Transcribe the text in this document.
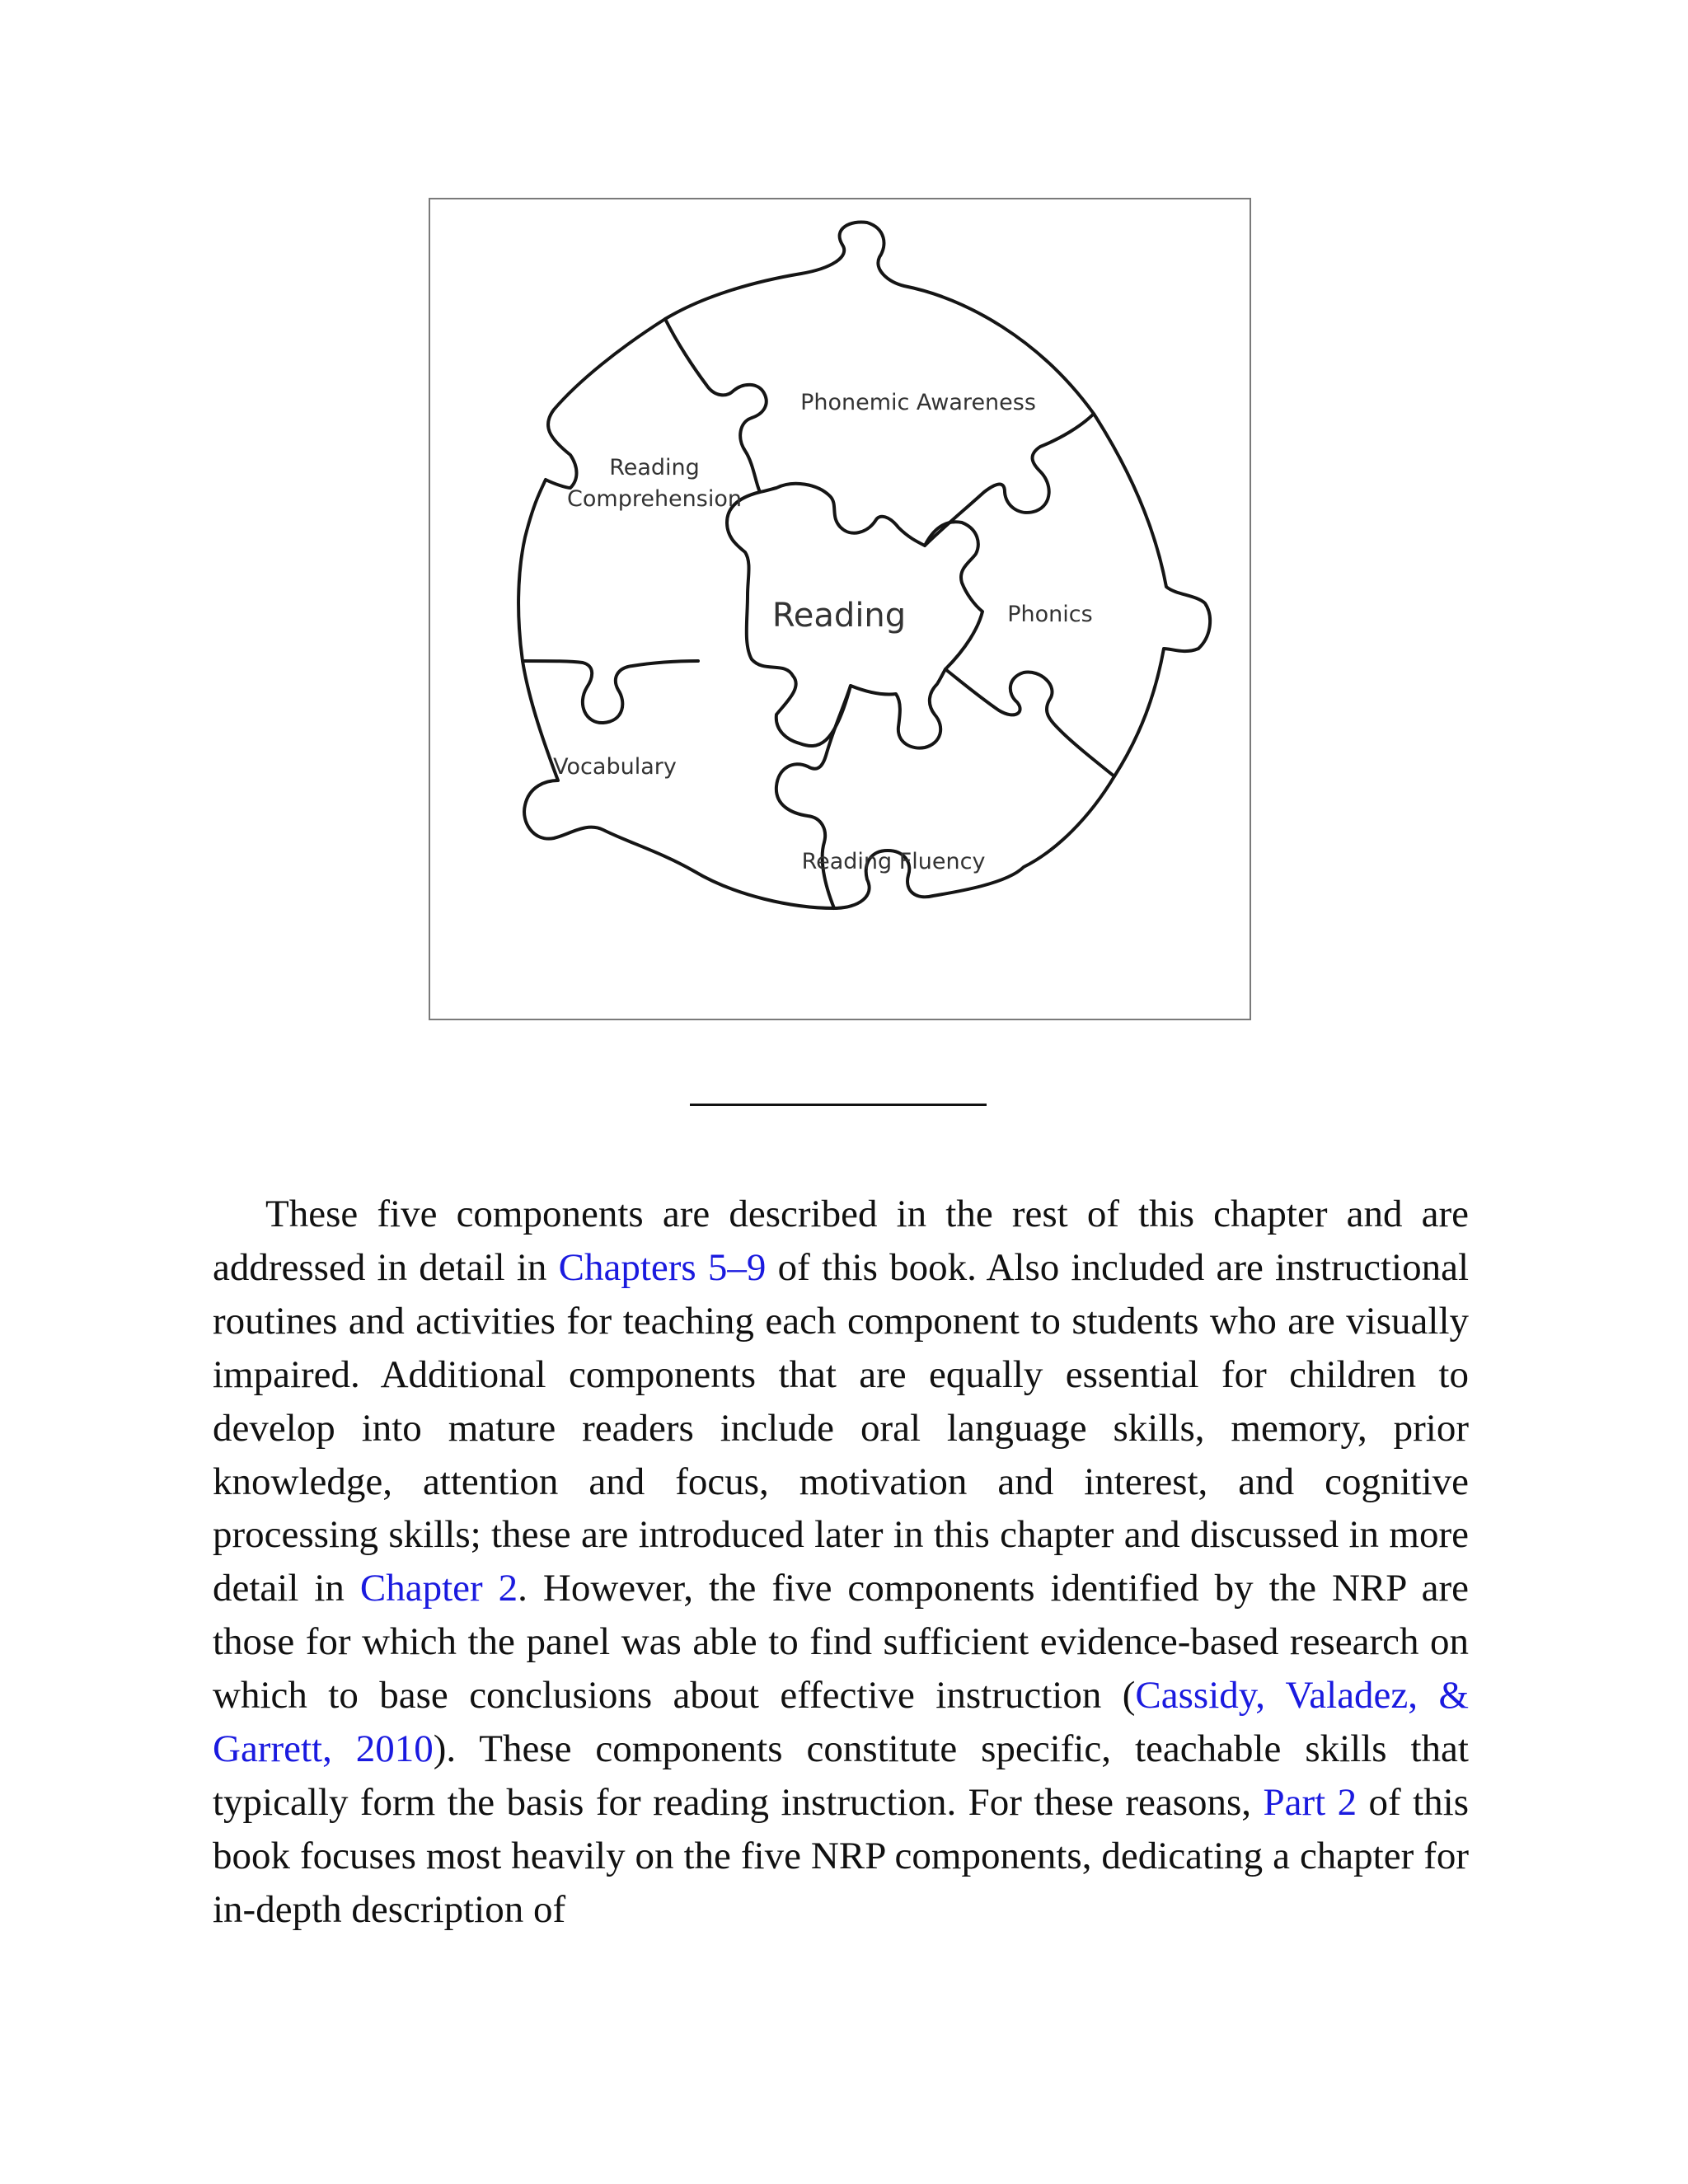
Reading
Phonemic Awareness
Phonics
Reading Fluency
Vocabulary
Reading
Comprehension

These five components are described in the rest of this chapter and are addressed in detail in Chapters 5–9 of this book. Also included are instructional routines and activities for teaching each component to students who are visually impaired. Additional components that are equally essential for children to develop into mature readers include oral language skills, memory, prior knowledge, attention and focus, motivation and interest, and cognitive processing skills; these are introduced later in this chapter and discussed in more detail in Chapter 2. However, the five components identified by the NRP are those for which the panel was able to find sufficient evidence-based research on which to base conclusions about effective instruction (Cassidy, Valadez, & Garrett, 2010). These components constitute specific, teachable skills that typically form the basis for reading instruction. For these reasons, Part 2 of this book focuses most heavily on the five NRP components, dedicating a chapter for in-depth description of
